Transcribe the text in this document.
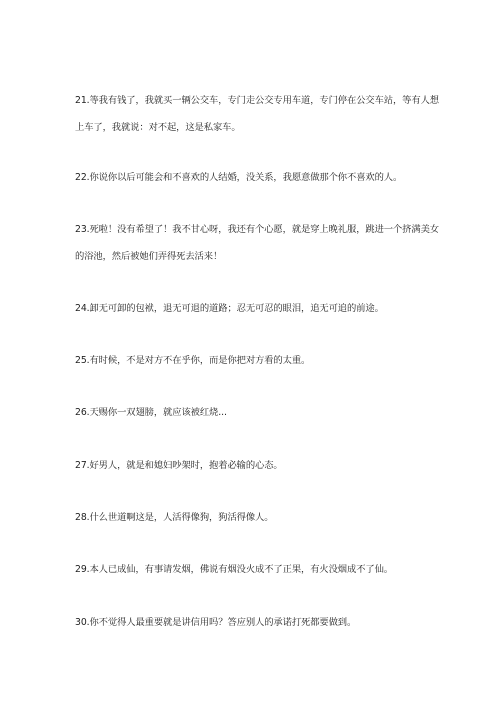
21.等我有钱了，我就买一辆公交车，专门走公交专用车道，专门停在公交车站，等有人想
上车了，我就说：对不起，这是私家车。
22.你说你以后可能会和不喜欢的人结婚，没关系，我愿意做那个你不喜欢的人。
23.死啦！没有希望了！我不甘心呀，我还有个心愿，就是穿上晚礼服，跳进一个挤满美女
的浴池，然后被她们弄得死去活来！
24.卸无可卸的包袱，退无可退的道路；忍无可忍的眼泪，追无可追的前途。
25.有时候，不是对方不在乎你，而是你把对方看的太重。
26.天赐你一双翅膀，就应该被红烧...
27.好男人，就是和媳妇吵架时，抱着必输的心态。
28.什么世道啊这是，人活得像狗，狗活得像人。
29.本人已成仙，有事请发烟，佛说有烟没火成不了正果，有火没烟成不了仙。
30.你不觉得人最重要就是讲信用吗？答应别人的承诺打死都要做到。
